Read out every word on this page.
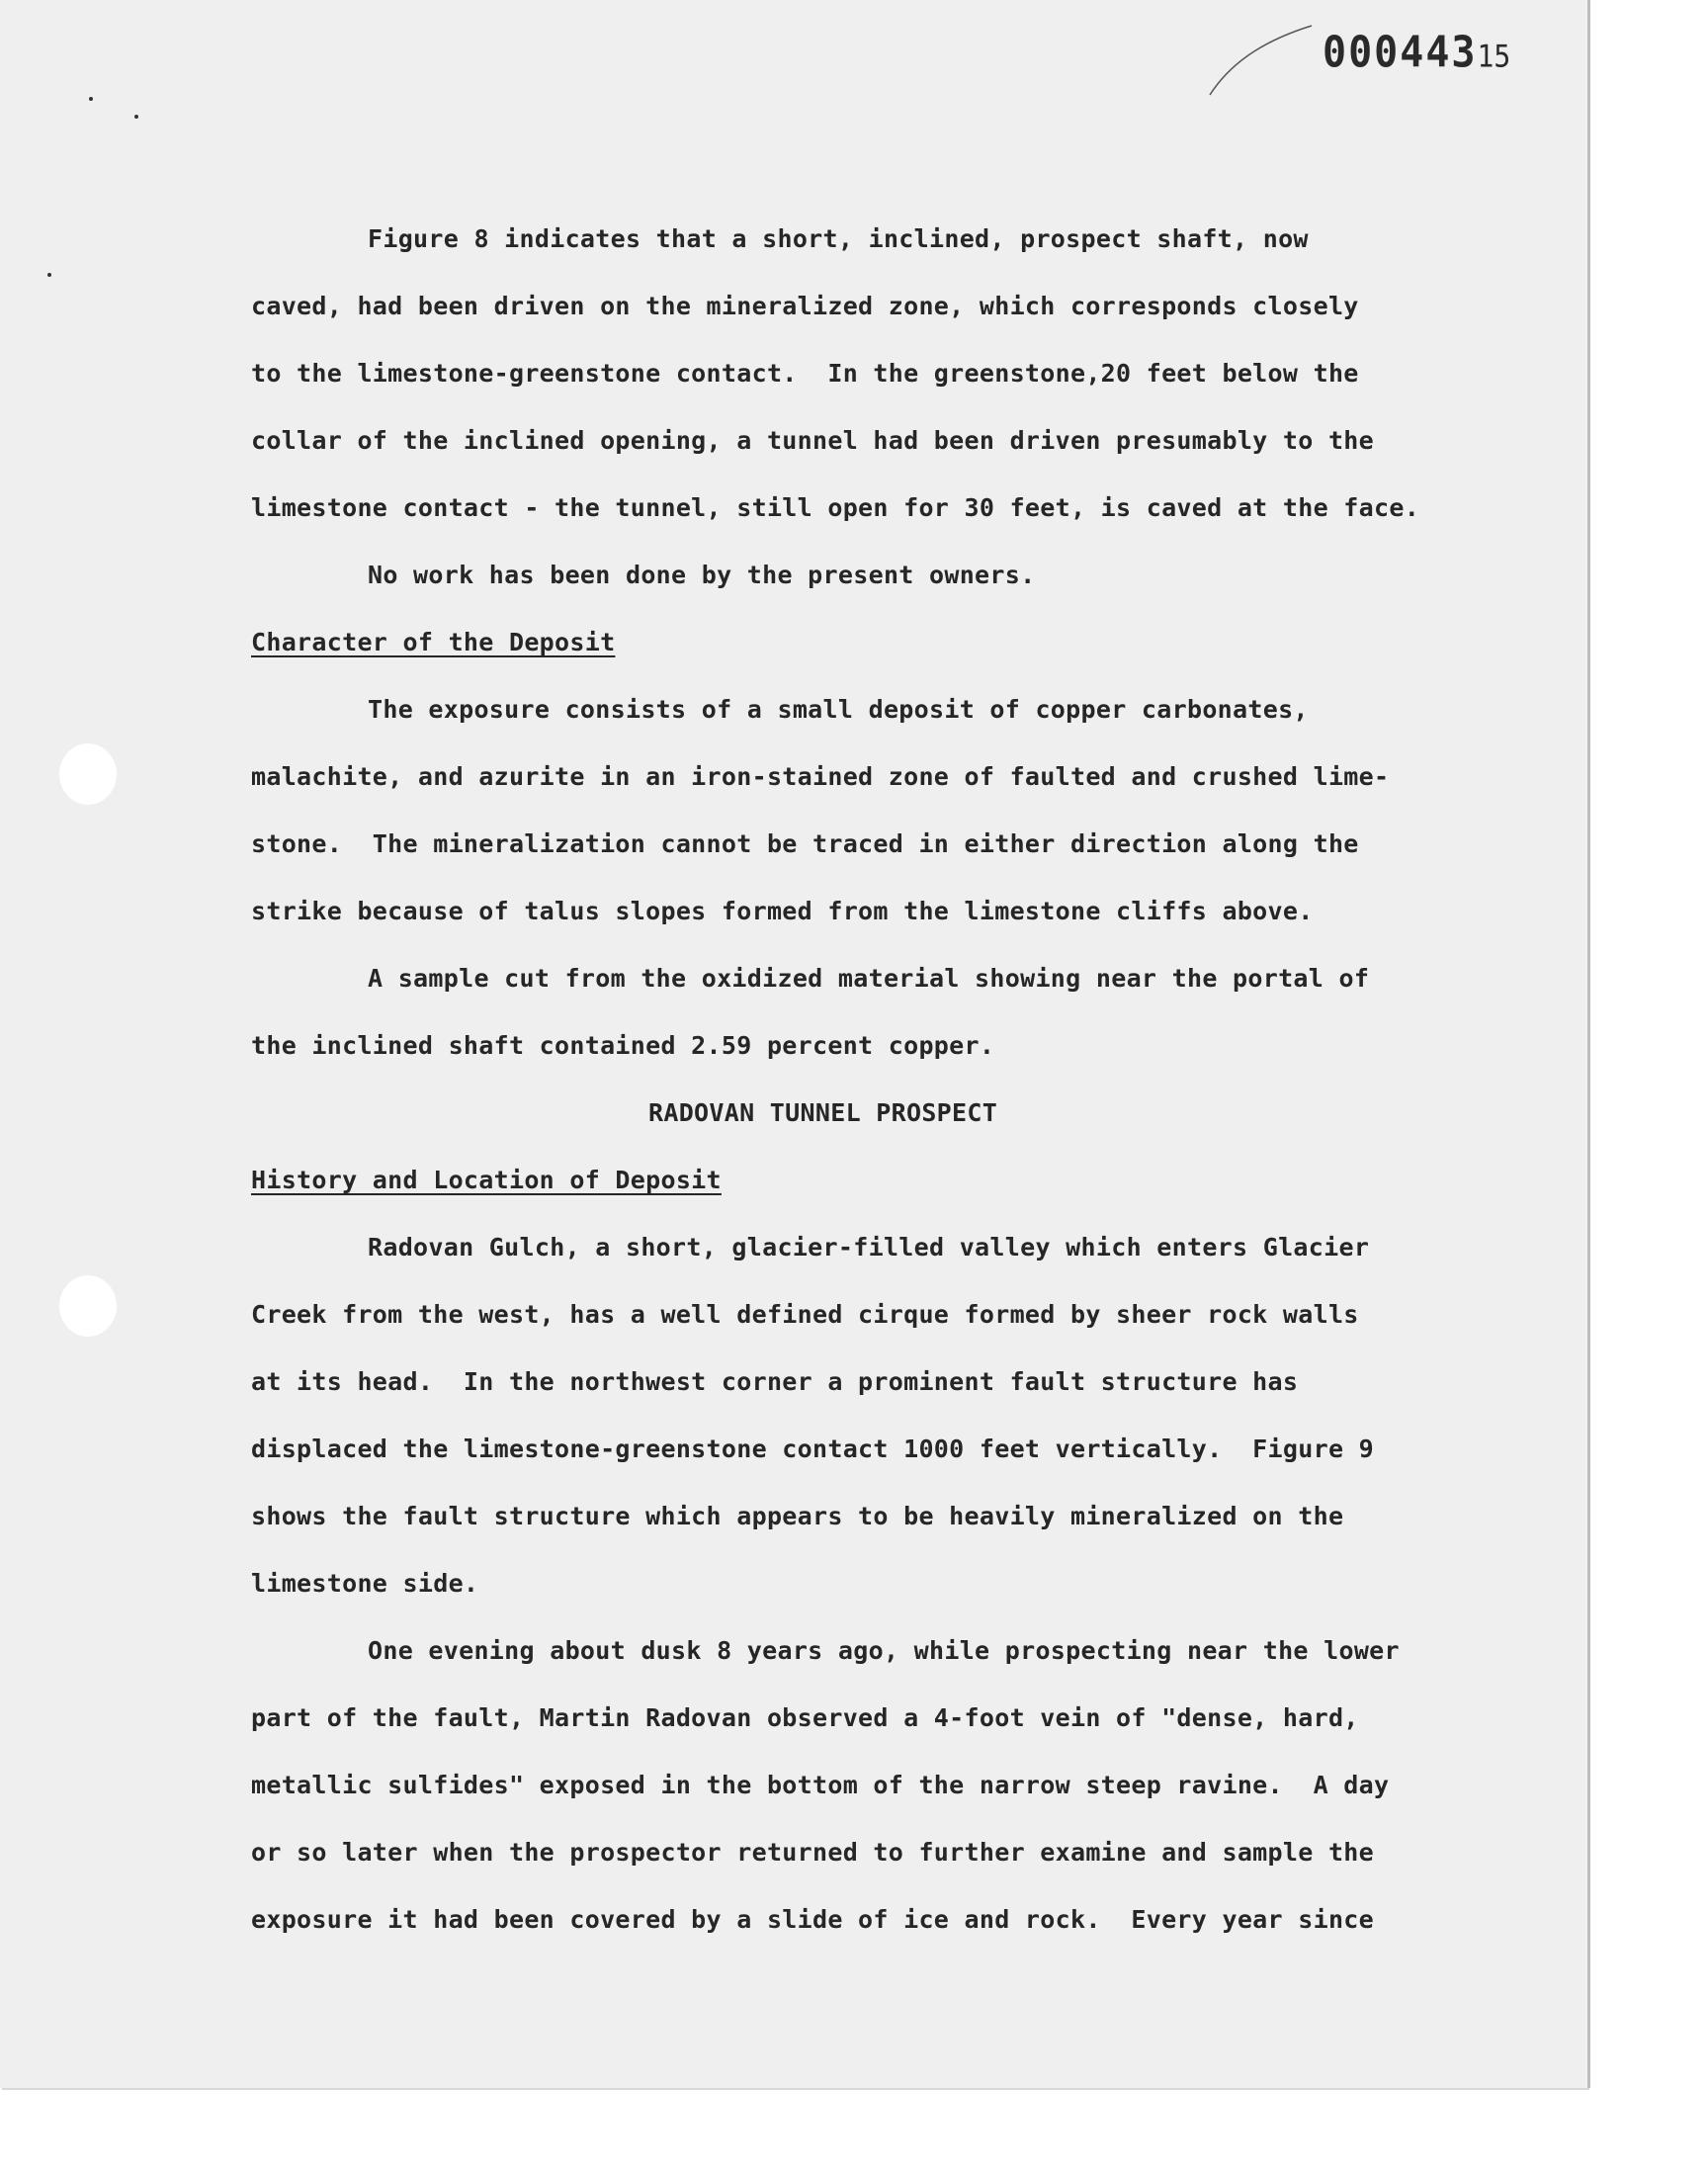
00044315
Figure 8 indicates that a short, inclined, prospect shaft, now
caved, had been driven on the mineralized zone, which corresponds closely
to the limestone-greenstone contact.  In the greenstone,20 feet below the
collar of the inclined opening, a tunnel had been driven presumably to the
limestone contact - the tunnel, still open for 30 feet, is caved at the face.
No work has been done by the present owners.
Character of the Deposit
The exposure consists of a small deposit of copper carbonates,
malachite, and azurite in an iron-stained zone of faulted and crushed lime-
stone.  The mineralization cannot be traced in either direction along the
strike because of talus slopes formed from the limestone cliffs above.
A sample cut from the oxidized material showing near the portal of
the inclined shaft contained 2.59 percent copper.
RADOVAN TUNNEL PROSPECT
History and Location of Deposit
Radovan Gulch, a short, glacier-filled valley which enters Glacier
Creek from the west, has a well defined cirque formed by sheer rock walls
at its head.  In the northwest corner a prominent fault structure has
displaced the limestone-greenstone contact 1000 feet vertically.  Figure 9
shows the fault structure which appears to be heavily mineralized on the
limestone side.
One evening about dusk 8 years ago, while prospecting near the lower
part of the fault, Martin Radovan observed a 4-foot vein of "dense, hard,
metallic sulfides" exposed in the bottom of the narrow steep ravine.  A day
or so later when the prospector returned to further examine and sample the
exposure it had been covered by a slide of ice and rock.  Every year since
